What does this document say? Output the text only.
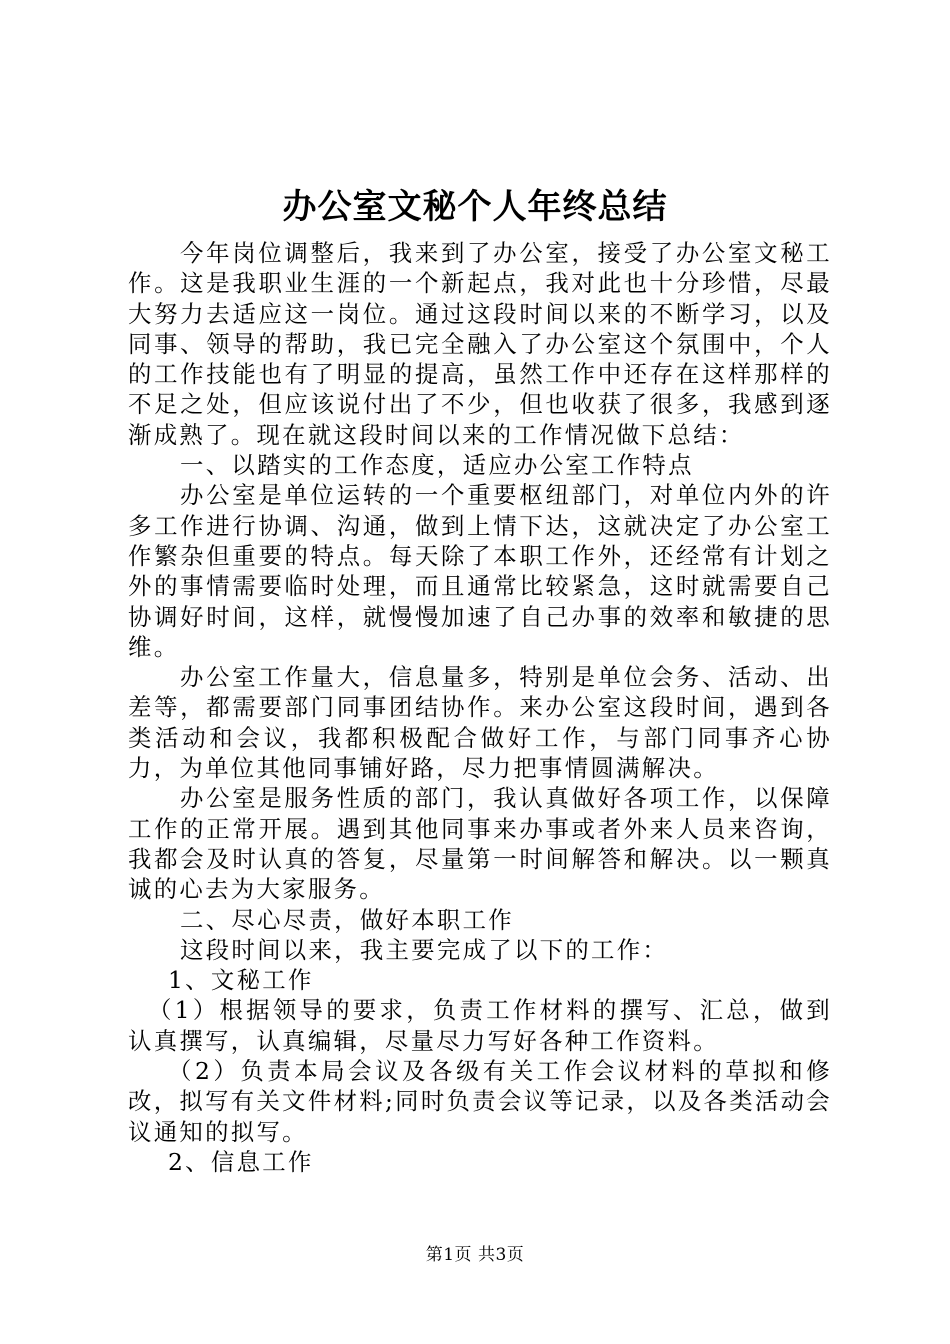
办公室文秘个人年终总结

今年岗位调整后，我来到了办公室，接受了办公室文秘工作。这是我职业生涯的一个新起点，我对此也十分珍惜，尽最大努力去适应这一岗位。通过这段时间以来的不断学习，以及同事、领导的帮助，我已完全融入了办公室这个氛围中，个人的工作技能也有了明显的提高，虽然工作中还存在这样那样的不足之处，但应该说付出了不少，但也收获了很多，我感到逐渐成熟了。现在就这段时间以来的工作情况做下总结：

一、以踏实的工作态度，适应办公室工作特点

办公室是单位运转的一个重要枢纽部门，对单位内外的许多工作进行协调、沟通，做到上情下达，这就决定了办公室工作繁杂但重要的特点。每天除了本职工作外，还经常有计划之外的事情需要临时处理，而且通常比较紧急，这时就需要自己协调好时间，这样，就慢慢加速了自己办事的效率和敏捷的思维。

办公室工作量大，信息量多，特别是单位会务、活动、出差等，都需要部门同事团结协作。来办公室这段时间，遇到各类活动和会议，我都积极配合做好工作，与部门同事齐心协力，为单位其他同事铺好路，尽力把事情圆满解决。

办公室是服务性质的部门，我认真做好各项工作，以保障工作的正常开展。遇到其他同事来办事或者外来人员来咨询，我都会及时认真的答复，尽量第一时间解答和解决。以一颗真诚的心去为大家服务。

二、尽心尽责，做好本职工作

这段时间以来，我主要完成了以下的工作：

1、文秘工作

（1）根据领导的要求，负责工作材料的撰写、汇总，做到认真撰写，认真编辑，尽量尽力写好各种工作资料。

（2）负责本局会议及各级有关工作会议材料的草拟和修改，拟写有关文件材料;同时负责会议等记录，以及各类活动会议通知的拟写。

2、信息工作

第1页 共3页
